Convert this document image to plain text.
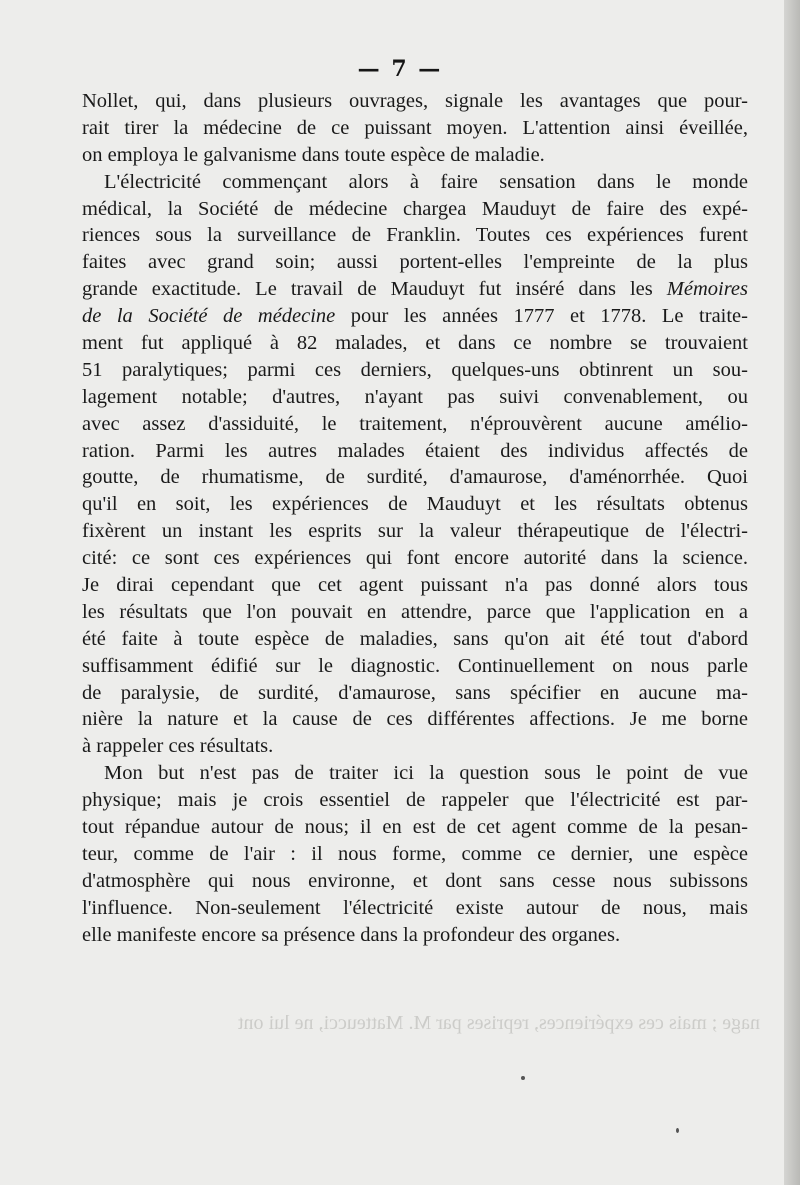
— 7 —
Nollet, qui, dans plusieurs ouvrages, signale les avantages que pour-
rait tirer la médecine de ce puissant moyen. L'attention ainsi éveillée,
on employa le galvanisme dans toute espèce de maladie.
L'électricité commençant alors à faire sensation dans le monde
médical, la Société de médecine chargea Mauduyt de faire des expé-
riences sous la surveillance de Franklin. Toutes ces expériences furent
faites avec grand soin; aussi portent-elles l'empreinte de la plus
grande exactitude. Le travail de Mauduyt fut inséré dans les Mémoires
de la Société de médecine pour les années 1777 et 1778. Le traite-
ment fut appliqué à 82 malades, et dans ce nombre se trouvaient
51 paralytiques; parmi ces derniers, quelques-uns obtinrent un sou-
lagement notable; d'autres, n'ayant pas suivi convenablement, ou
avec assez d'assiduité, le traitement, n'éprouvèrent aucune amélio-
ration. Parmi les autres malades étaient des individus affectés de
goutte, de rhumatisme, de surdité, d'amaurose, d'aménorrhée. Quoi
qu'il en soit, les expériences de Mauduyt et les résultats obtenus
fixèrent un instant les esprits sur la valeur thérapeutique de l'électri-
cité: ce sont ces expériences qui font encore autorité dans la science.
Je dirai cependant que cet agent puissant n'a pas donné alors tous
les résultats que l'on pouvait en attendre, parce que l'application en a
été faite à toute espèce de maladies, sans qu'on ait été tout d'abord
suffisamment édifié sur le diagnostic. Continuellement on nous parle
de paralysie, de surdité, d'amaurose, sans spécifier en aucune ma-
nière la nature et la cause de ces différentes affections. Je me borne
à rappeler ces résultats.
Mon but n'est pas de traiter ici la question sous le point de vue
physique; mais je crois essentiel de rappeler que l'électricité est par-
tout répandue autour de nous; il en est de cet agent comme de la pesan-
teur, comme de l'air : il nous forme, comme ce dernier, une espèce
d'atmosphère qui nous environne, et dont sans cesse nous subissons
l'influence. Non-seulement l'électricité existe autour de nous, mais
elle manifeste encore sa présence dans la profondeur des organes.
nage ; mais ces expériences, reprises par M. Matteucci, ne lui ont
